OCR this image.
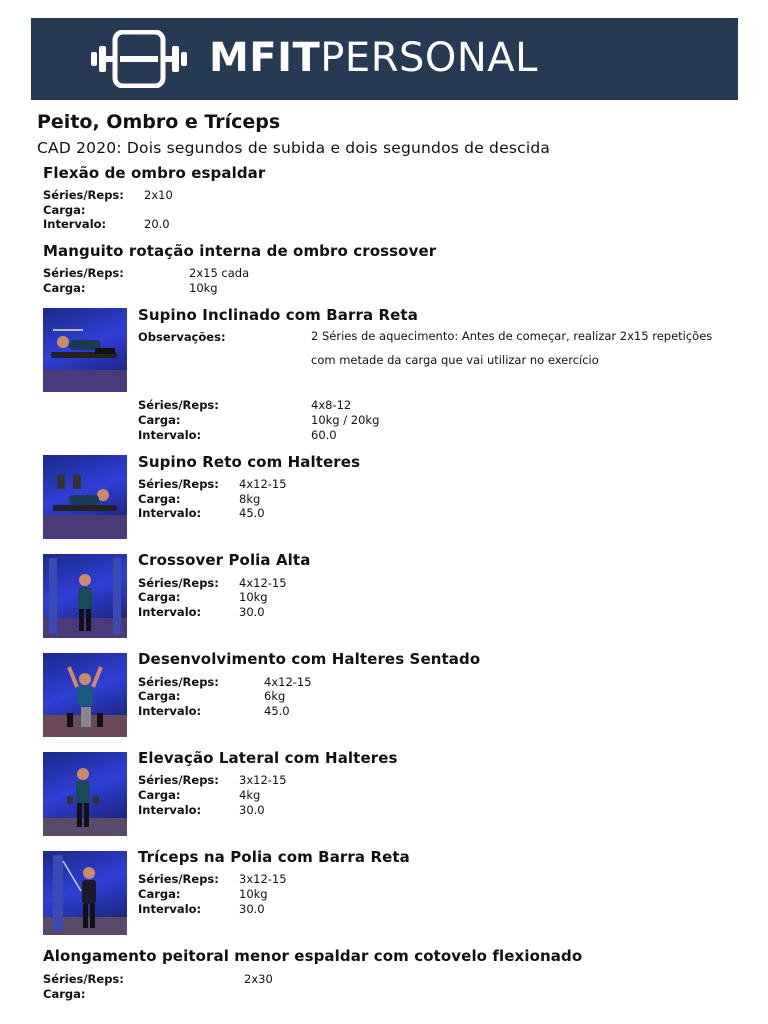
MFITPERSONAL
Peito, Ombro e Tríceps
CAD 2020: Dois segundos de subida e dois segundos de descida
Flexão de ombro espaldar
Séries/Reps: 2x10
Carga:
Intervalo:	20.0
Manguito rotação interna de ombro crossover
Séries/Reps:	2x15 cada
Carga:	10kg
Supino Inclinado com Barra Reta
Observações:	2 Séries de aquecimento: Antes de começar, realizar 2x15 repetições com metade da carga que vai utilizar no exercício
Séries/Reps:	4x8-12
Carga:	10kg / 20kg
Intervalo:	60.0
Supino Reto com Halteres
Séries/Reps: 4x12-15
Carga:	8kg
Intervalo:	45.0
Crossover Polia Alta
Séries/Reps: 4x12-15
Carga:	10kg
Intervalo:	30.0
Desenvolvimento com Halteres Sentado
Séries/Reps:	4x12-15
Carga:	6kg
Intervalo:	45.0
Elevação Lateral com Halteres
Séries/Reps: 3x12-15
Carga:	4kg
Intervalo:	30.0
Tríceps na Polia com Barra Reta
Séries/Reps: 3x12-15
Carga:	10kg
Intervalo:	30.0
Alongamento peitoral menor espaldar com cotovelo flexionado
Séries/Reps:	2x30
Carga:
